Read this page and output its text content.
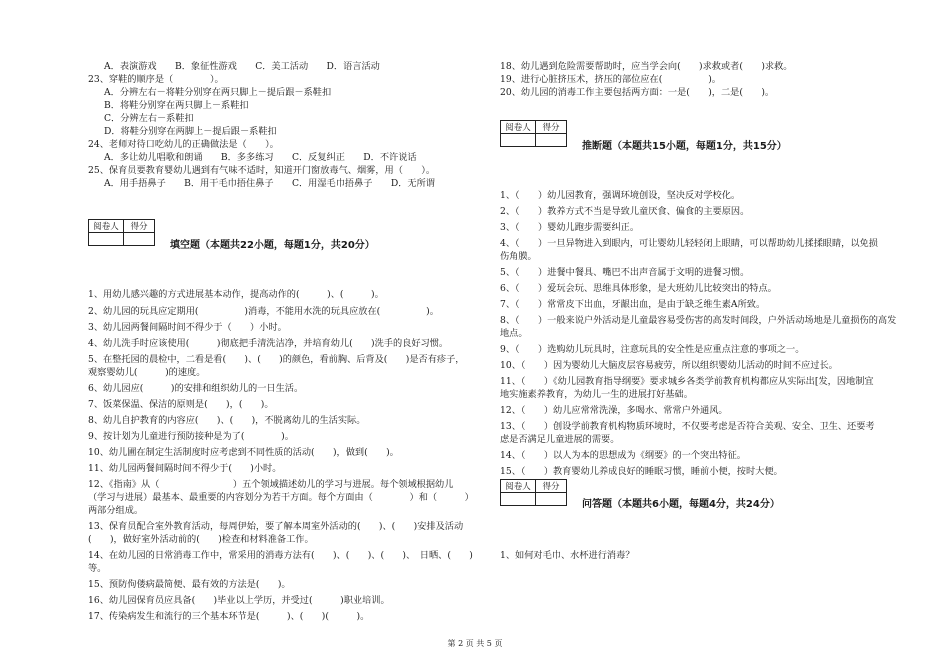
A．表演游戏　　B．象征性游戏　　C．美工活动　　D．语言活动
23、穿鞋的顺序是（　　　　）。
A．分辨左右－将鞋分别穿在两只脚上－提后跟－系鞋扣
B．将鞋分别穿在两只脚上－系鞋扣
C．分辨左右－系鞋扣
D．将鞋分别穿在两脚上－提后跟－系鞋扣
24、老师对待口吃幼儿的正确做法是（　　）。
A．多让幼儿唱歌和朗诵　　B．多多练习　　C．反复纠正　　D．不许说话
25、保育员要教育婴幼儿遇到有气味不适时，知道开门窗放毒气、烟雾，用（　　）。
A．用手捂鼻子　　B．用干毛巾捂住鼻子　　C．用湿毛巾捂鼻子　　D．无所谓
阅卷人	得分

填空题（本题共22小题，每题1分，共20分）
1、用幼儿感兴趣的方式进展基本动作，提高动作的(　　　)、(　　　)。
2、幼儿园的玩具应定期用(　　　　　)消毒，不能用水洗的玩具应放在(　　　　　)。
3、幼儿园两餐间隔时间不得少于（　　）小时。
4、幼儿洗手时应该使用(　　　)彻底把手清洗洁净，并培育幼儿(　　)洗手的良好习惯。
5、在整托园的晨检中，二看是看(　　)、(　　)的颜色，看前胸、后背及(　　)是否有疹子，
观察婴幼儿(　　　)的速度。
6、幼儿园应(　　　)的安排和组织幼儿的一日生活。
7、饭菜保温、保洁的原则是(　　)，(　　)。
8、幼儿自护教育的内容应(　　)、(　　)，不脱离幼儿的生活实际。
9、按计划为儿童进行预防接种是为了(　　　　)。
10、幼儿圃在制定生活制度时应考虑到不同性质的活动(　　)，做到(　　)。
11、幼儿园两餐间隔时间不得少于(　　)小时。
12、《指南》从（　　　　　　　　）五个领域描述幼儿的学习与进展。每个领域根据幼儿
（学习与进展）最基本、最重要的内容划分为若干方面。每个方面由（　　　　）和（　　　）
两部分组成。
13、保育员配合室外教育活动，每周伊始，要了解本周室外活动的(　　)、(　　)安排及活动
(　　)，做好室外活动前的(　　)检查和材料准备工作。
14、在幼儿园的日常消毒工作中，常采用的消毒方法有(　　)、(　　)、(　　)、　日晒、(　　)
等。
15、预防佝偻病最简便、最有效的方法是(　　)。
16、幼儿园保育员应具备(　　)毕业以上学历，并受过(　　　)职业培训。
17、传染病发生和流行的三个基本环节是(　　　)、(　　)(　　　)。
18、幼儿遇到危险需要帮助时，应当学会向(　　)求救或者(　　)求救。
19、进行心脏挤压术，挤压的部位应在(　　　　　)。
20、幼儿园的消毒工作主要包括两方面：一是(　　)，二是(　　)。
阅卷人	得分

推断题（本题共15小题，每题1分，共15分）
1、（　　）幼儿园教育，强调环境创设，坚决反对学校化。
2、（　　）教养方式不当是导致儿童厌食、偏食的主要原因。
3、（　　）婴幼儿跑步需要纠正。
4、（　　）一旦异物进入到眼内，可让婴幼儿轻轻闭上眼睛，可以帮助幼儿揉揉眼睛，以免损
伤角膜。
5、（　　）进餐中餐具、嘴巴不出声音属于文明的进餐习惯。
6、（　　）爱玩会玩、思维具体形象，是大班幼儿比较突出的特点。
7、（　　）常常皮下出血，牙龈出血，是由于缺乏维生素A所致。
8、（　　）一般来说户外活动是儿童最容易受伤害的高发时间段，户外活动场地是儿童损伤的高发
地点。
9、（　　）选购幼儿玩具时，注意玩具的安全性是应重点注意的事项之一。
10、（　　）因为婴幼儿大脑皮层容易疲劳，所以组织婴幼儿活动的时间不应过长。
11、（　　）《幼儿园教育指导纲要》要求城乡各类学前教育机构都应从实际出[发，因地制宜
地实施素养教育，为幼儿一生的进展打好基础。
12、（　　）幼儿应常常洗澡，多喝水、常常户外通风。
13、（　　）创设学前教育机构物质环境时，不仅要考虑是否符合美观、安全、卫生、还要考
虑是否满足儿童进展的需要。
14、（　　）以人为本的思想成为《纲要》的一个突出特征。
15、（　　）教育婴幼儿养成良好的睡眠习惯，睡前小便，按时大便。
阅卷人	得分

问答题（本题共6小题，每题4分，共24分）
1、如何对毛巾、水杯进行消毒？
第 2 页 共 5 页
